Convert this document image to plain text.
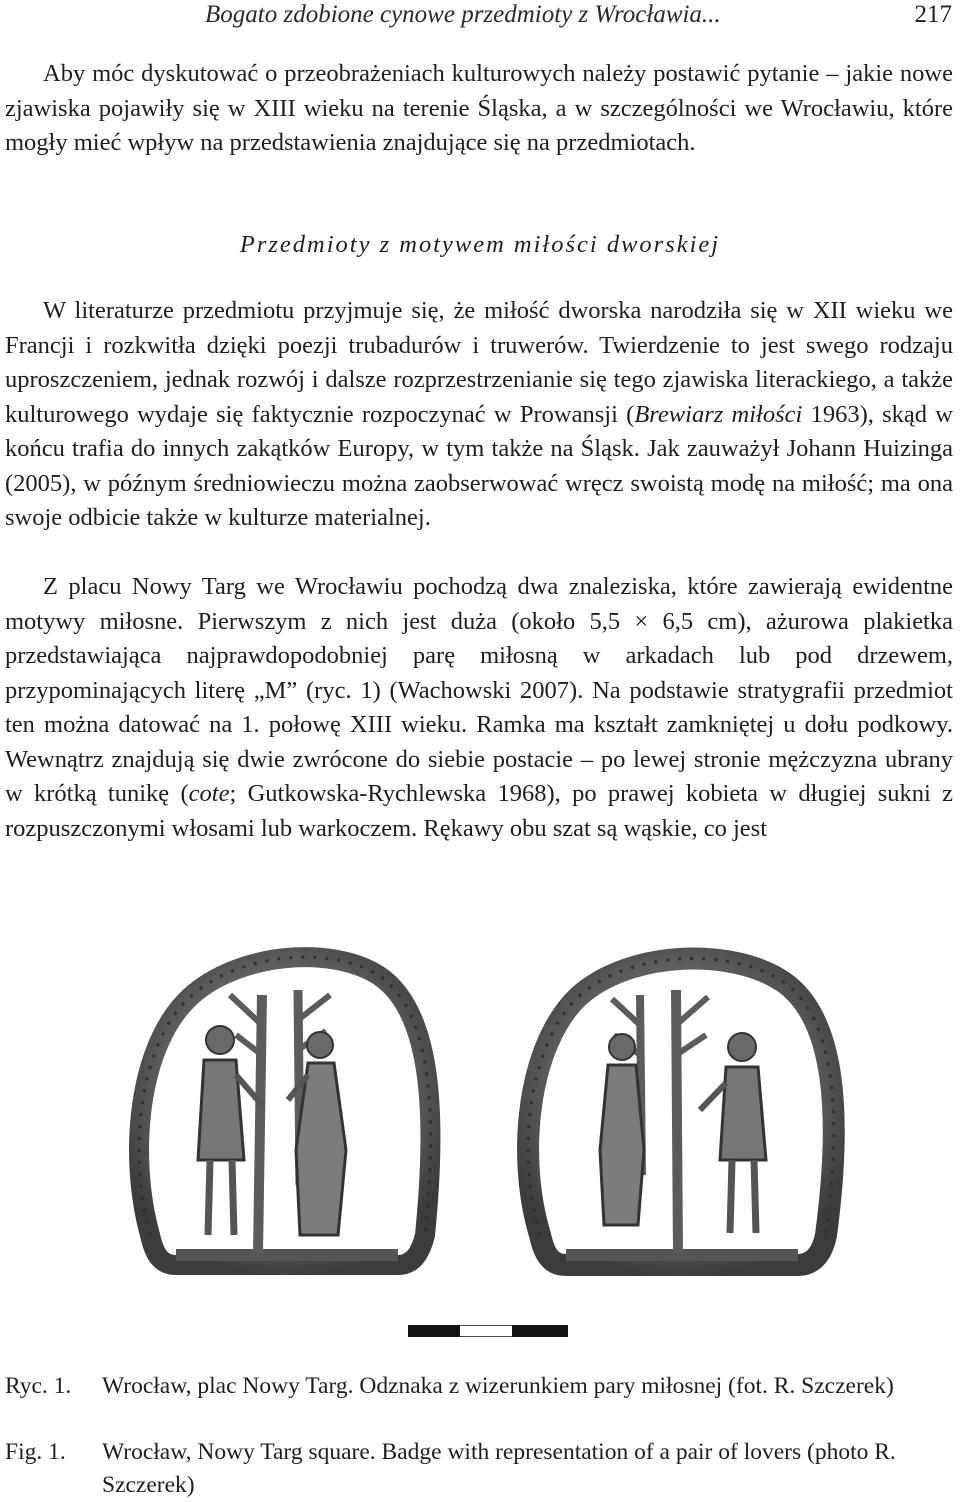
Bogato zdobione cynowe przedmioty z Wrocławia...	217

Aby móc dyskutować o przeobrażeniach kulturowych należy postawić pytanie – jakie nowe zjawiska pojawiły się w XIII wieku na terenie Śląska, a w szczególności we Wrocławiu, które mogły mieć wpływ na przedstawienia znajdujące się na przedmiotach.

Przedmioty z motywem miłości dworskiej

W literaturze przedmiotu przyjmuje się, że miłość dworska narodziła się w XII wieku we Francji i rozkwitła dzięki poezji trubadurów i truwerów. Twierdzenie to jest swego rodzaju uproszczeniem, jednak rozwój i dalsze rozprzestrzenianie się tego zjawiska literackiego, a także kulturowego wydaje się faktycznie rozpoczynać w Prowansji (Brewiarz miłości 1963), skąd w końcu trafia do innych zakątków Europy, w tym także na Śląsk. Jak zauważył Johann Huizinga (2005), w późnym średniowieczu można zaobserwować wręcz swoistą modę na miłość; ma ona swoje odbicie także w kulturze materialnej.

Z placu Nowy Targ we Wrocławiu pochodzą dwa znaleziska, które zawierają ewidentne motywy miłosne. Pierwszym z nich jest duża (około 5,5 × 6,5 cm), ażurowa plakietka przedstawiająca najprawdopodobniej parę miłosną w arkadach lub pod drzewem, przypominających literę „M” (ryc. 1) (Wachowski 2007). Na podstawie stratygrafii przedmiot ten można datować na 1. połowę XIII wieku. Ramka ma kształt zamkniętej u dołu podkowy. Wewnątrz znajdują się dwie zwrócone do siebie postacie – po lewej stronie mężczyzna ubrany w krótką tunikę (cote; Gutkowska-Rychlewska 1968), po prawej kobieta w długiej sukni z rozpuszczonymi włosami lub warkoczem. Rękawy obu szat są wąskie, co jest

Ryc. 1. Wrocław, plac Nowy Targ. Odznaka z wizerunkiem pary miłosnej (fot. R. Szczerek)
Fig. 1. Wrocław, Nowy Targ square. Badge with representation of a pair of lovers (photo R. Szczerek)
